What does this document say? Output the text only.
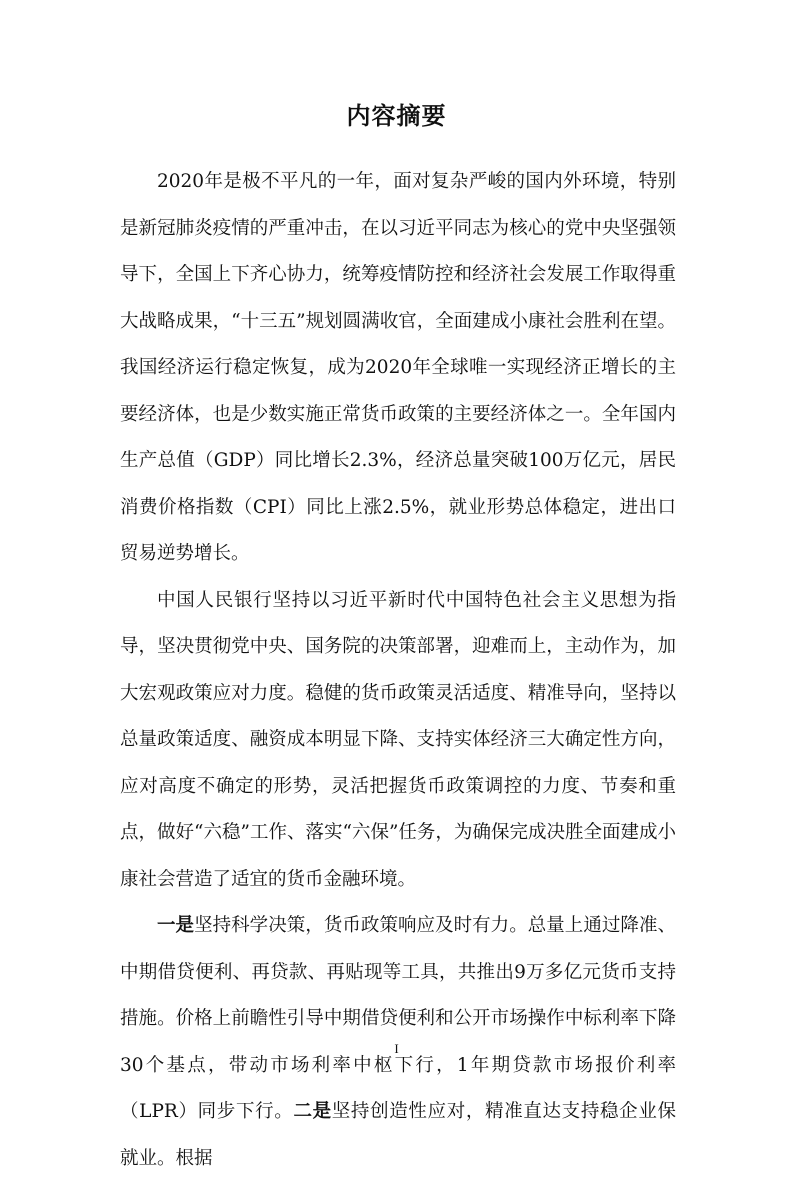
内容摘要

2020年是极不平凡的一年，面对复杂严峻的国内外环境，特别是新冠肺炎疫情的严重冲击，在以习近平同志为核心的党中央坚强领导下，全国上下齐心协力，统筹疫情防控和经济社会发展工作取得重大战略成果，“十三五”规划圆满收官，全面建成小康社会胜利在望。我国经济运行稳定恢复，成为2020年全球唯一实现经济正增长的主要经济体，也是少数实施正常货币政策的主要经济体之一。全年国内生产总值（GDP）同比增长2.3%，经济总量突破100万亿元，居民消费价格指数（CPI）同比上涨2.5%，就业形势总体稳定，进出口贸易逆势增长。

中国人民银行坚持以习近平新时代中国特色社会主义思想为指导，坚决贯彻党中央、国务院的决策部署，迎难而上，主动作为，加大宏观政策应对力度。稳健的货币政策灵活适度、精准导向，坚持以总量政策适度、融资成本明显下降、支持实体经济三大确定性方向，应对高度不确定的形势，灵活把握货币政策调控的力度、节奏和重点，做好“六稳”工作、落实“六保”任务，为确保完成决胜全面建成小康社会营造了适宜的货币金融环境。

一是坚持科学决策，货币政策响应及时有力。总量上通过降准、中期借贷便利、再贷款、再贴现等工具，共推出9万多亿元货币支持措施。价格上前瞻性引导中期借贷便利和公开市场操作中标利率下降30个基点，带动市场利率中枢下行，1年期贷款市场报价利率（LPR）同步下行。二是坚持创造性应对，精准直达支持稳企业保就业。根据

I
